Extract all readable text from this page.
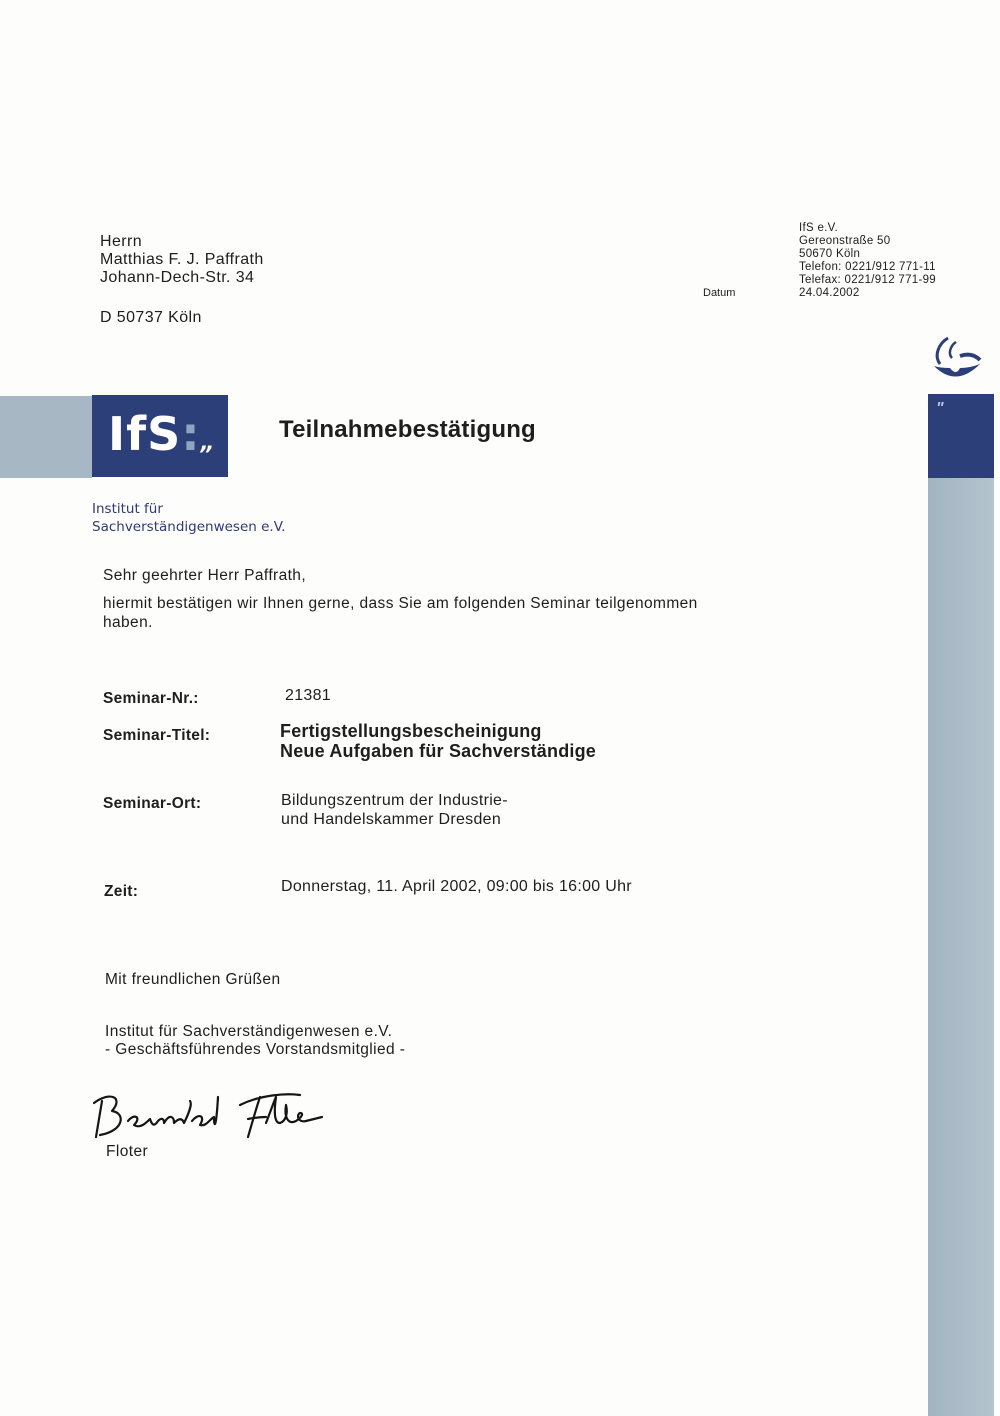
Herrn
Matthias F. J. Paffrath
Johann-Dech-Str. 34
D 50737 Köln
Datum
IfS e.V.
Gereonstraße 50
50670 Köln
Telefon: 0221/912 771-11
Telefax: 0221/912 771-99
24.04.2002
"
IfS:„
Teilnahmebestätigung
Institut für
Sachverständigenwesen e.V.
Sehr geehrter Herr Paffrath,
hiermit bestätigen wir Ihnen gerne, dass Sie am folgenden Seminar teilgenommen
haben.
Seminar-Nr.:	21381
Seminar-Titel:	Fertigstellungsbescheinigung
Neue Aufgaben für Sachverständige
Seminar-Ort:	Bildungszentrum der Industrie-
und Handelskammer Dresden
Zeit:	Donnerstag, 11. April 2002, 09:00 bis 16:00 Uhr
Mit freundlichen Grüßen
Institut für Sachverständigenwesen e.V.
- Geschäftsführendes Vorstandsmitglied -
Floter
